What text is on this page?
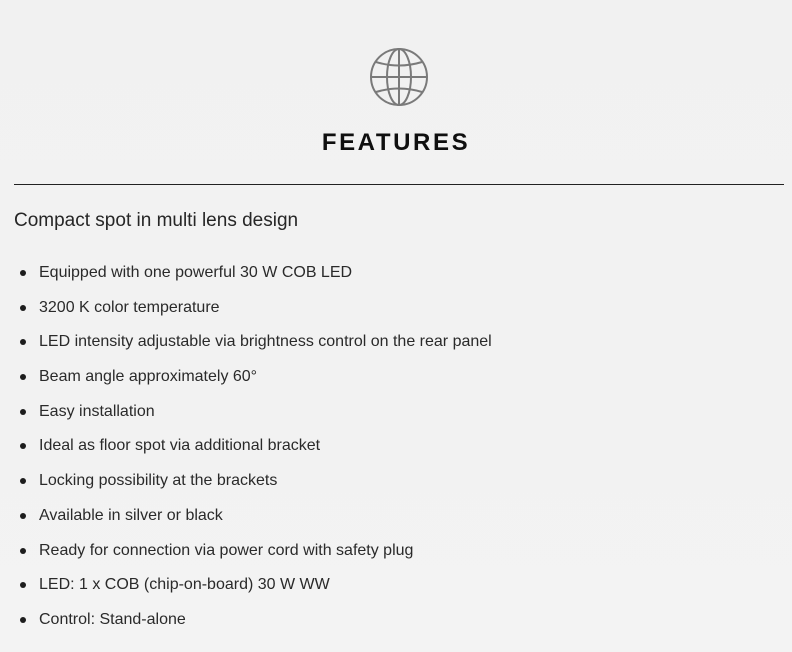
FEATURES
Compact spot in multi lens design
Equipped with one powerful 30 W COB LED
3200 K color temperature
LED intensity adjustable via brightness control on the rear panel
Beam angle approximately 60°
Easy installation
Ideal as floor spot via additional bracket
Locking possibility at the brackets
Available in silver or black
Ready for connection via power cord with safety plug
LED: 1 x COB (chip-on-board) 30 W WW
Control: Stand-alone
